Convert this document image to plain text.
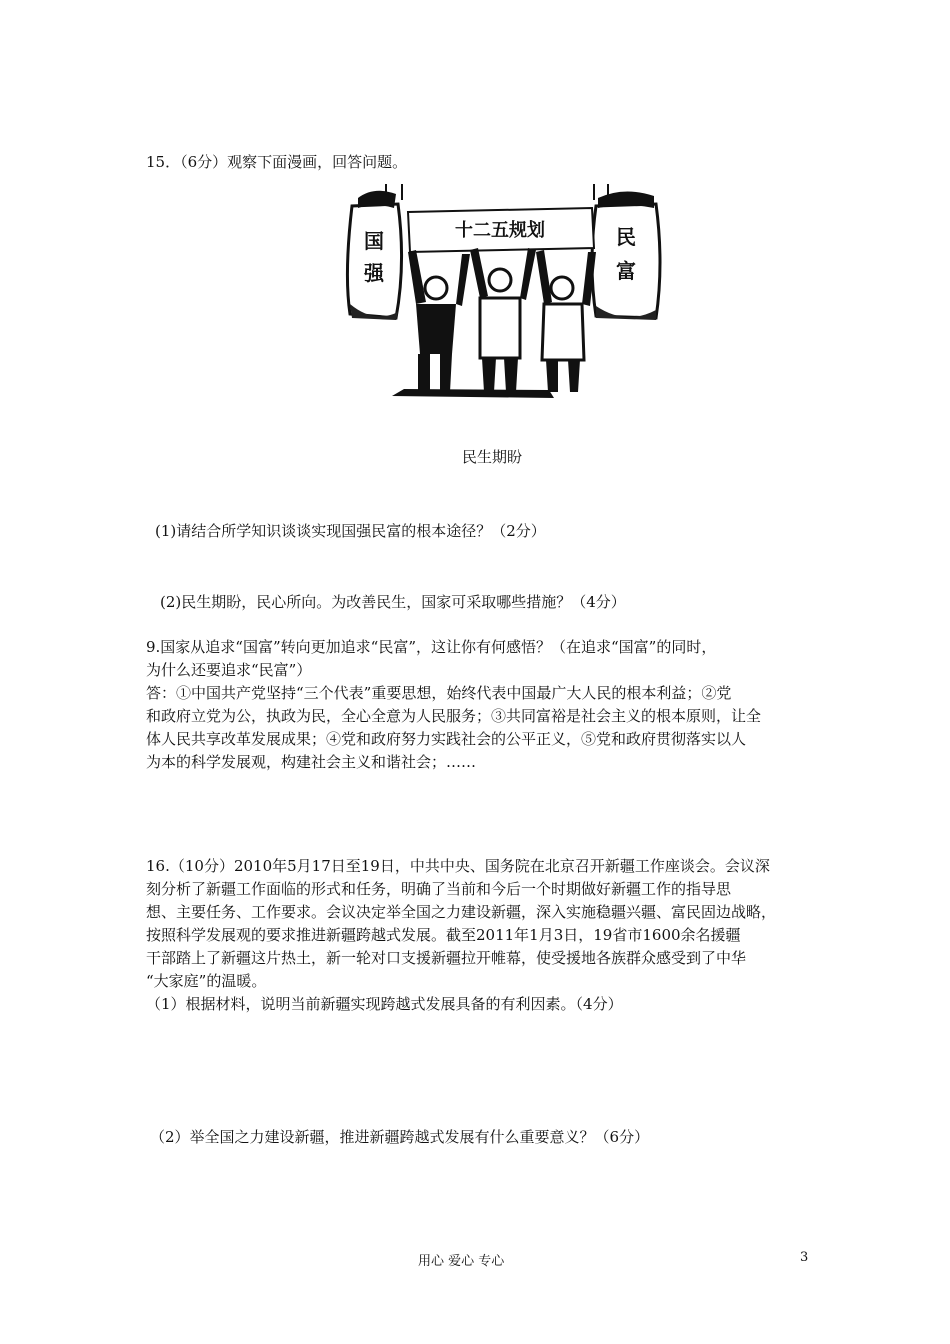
15．（6分）观察下面漫画，回答问题。
十二五规划
国
强
民
富
民生期盼
(1)请结合所学知识谈谈实现国强民富的根本途径？（2分）
(2)民生期盼，民心所向。为改善民生，国家可采取哪些措施？（4分）
9.国家从追求“国富”转向更加追求“民富”，这让你有何感悟？（在追求“国富”的同时，
为什么还要追求“民富”）
答：①中国共产党坚持“三个代表”重要思想，始终代表中国最广大人民的根本利益；②党
和政府立党为公，执政为民，全心全意为人民服务；③共同富裕是社会主义的根本原则，让全
体人民共享改革发展成果；④党和政府努力实践社会的公平正义，⑤党和政府贯彻落实以人
为本的科学发展观，构建社会主义和谐社会；……
16.（10分）2010年5月17日至19日，中共中央、国务院在北京召开新疆工作座谈会。会议深
刻分析了新疆工作面临的形式和任务，明确了当前和今后一个时期做好新疆工作的指导思
想、主要任务、工作要求。会议决定举全国之力建设新疆，深入实施稳疆兴疆、富民固边战略，
按照科学发展观的要求推进新疆跨越式发展。截至2011年1月3日，19省市1600余名援疆
干部踏上了新疆这片热土，新一轮对口支援新疆拉开帷幕，使受援地各族群众感受到了中华
“大家庭”的温暖。
（1）根据材料，说明当前新疆实现跨越式发展具备的有利因素。（4分）
（2）举全国之力建设新疆，推进新疆跨越式发展有什么重要意义？（6分）
用心 爱心 专心	3
